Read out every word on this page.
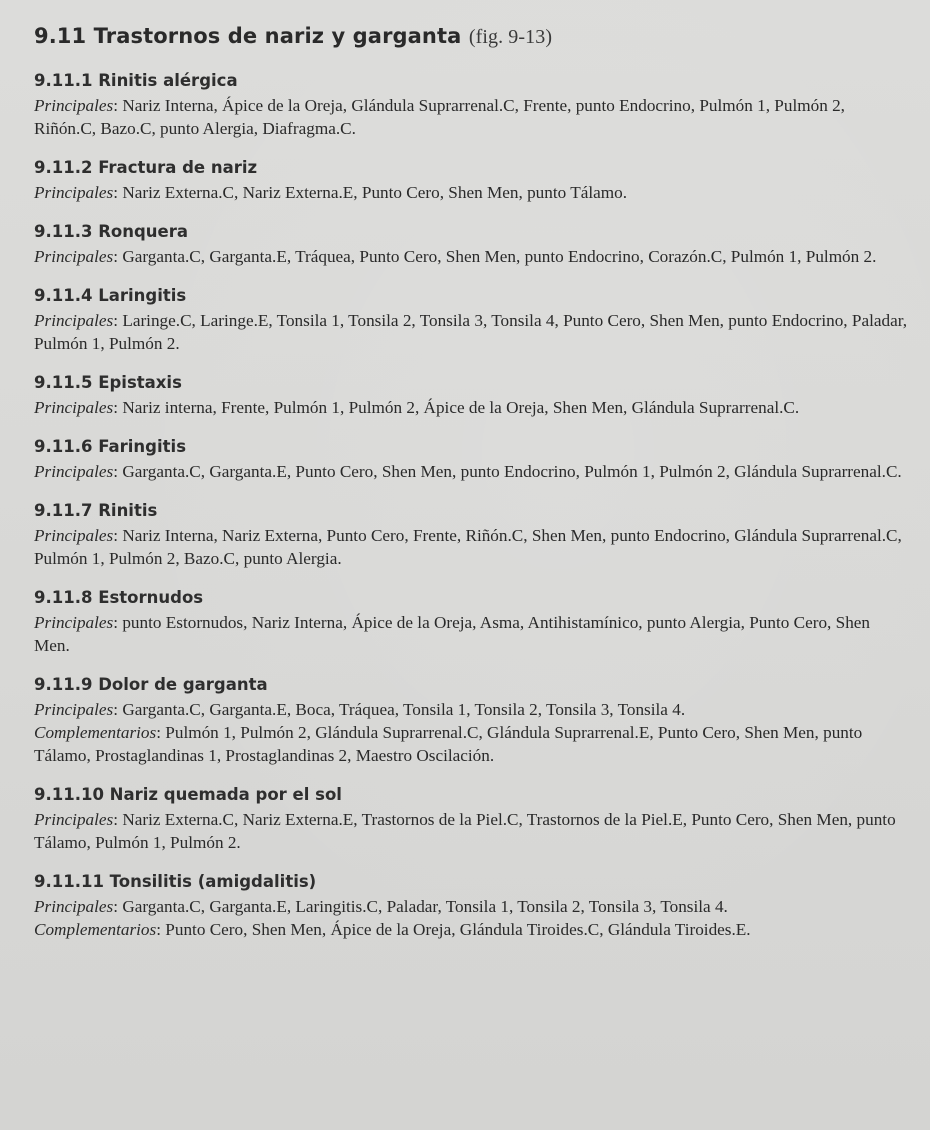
9.11 Trastornos de nariz y garganta (fig. 9-13)
9.11.1 Rinitis alérgica

Principales: Nariz Interna, Ápice de la Oreja, Glándula Suprarrenal.C, Frente, punto Endocrino, Pulmón 1, Pulmón 2, Riñón.C, Bazo.C, punto Alergia, Diafragma.C.

9.11.2 Fractura de nariz

Principales: Nariz Externa.C, Nariz Externa.E, Punto Cero, Shen Men, punto Tálamo.

9.11.3 Ronquera

Principales: Garganta.C, Garganta.E, Tráquea, Punto Cero, Shen Men, punto Endocrino, Corazón.C, Pulmón 1, Pulmón 2.

9.11.4 Laringitis

Principales: Laringe.C, Laringe.E, Tonsila 1, Tonsila 2, Tonsila 3, Tonsila 4, Punto Cero, Shen Men, punto Endocrino, Paladar, Pulmón 1, Pulmón 2.

9.11.5 Epistaxis

Principales: Nariz interna, Frente, Pulmón 1, Pulmón 2, Ápice de la Oreja, Shen Men, Glándula Suprarrenal.C.

9.11.6 Faringitis

Principales: Garganta.C, Garganta.E, Punto Cero, Shen Men, punto Endocrino, Pulmón 1, Pulmón 2, Glándula Suprarrenal.C.

9.11.7 Rinitis

Principales: Nariz Interna, Nariz Externa, Punto Cero, Frente, Riñón.C, Shen Men, punto Endocrino, Glándula Suprarrenal.C, Pulmón 1, Pulmón 2, Bazo.C, punto Alergia.

9.11.8 Estornudos

Principales: punto Estornudos, Nariz Interna, Ápice de la Oreja, Asma, Antihistamínico, punto Alergia, Punto Cero, Shen Men.

9.11.9 Dolor de garganta

Principales: Garganta.C, Garganta.E, Boca, Tráquea, Tonsila 1, Tonsila 2, Tonsila 3, Tonsila 4.

Complementarios: Pulmón 1, Pulmón 2, Glándula Suprarrenal.C, Glándula Suprarrenal.E, Punto Cero, Shen Men, punto Tálamo, Prostaglandinas 1, Prostaglandinas 2, Maestro Oscilación.

9.11.10 Nariz quemada por el sol

Principales: Nariz Externa.C, Nariz Externa.E, Trastornos de la Piel.C, Trastornos de la Piel.E, Punto Cero, Shen Men, punto Tálamo, Pulmón 1, Pulmón 2.

9.11.11 Tonsilitis (amigdalitis)

Principales: Garganta.C, Garganta.E, Laringitis.C, Paladar, Tonsila 1, Tonsila 2, Tonsila 3, Tonsila 4.

Complementarios: Punto Cero, Shen Men, Ápice de la Oreja, Glándula Tiroides.C, Glándula Tiroides.E.
